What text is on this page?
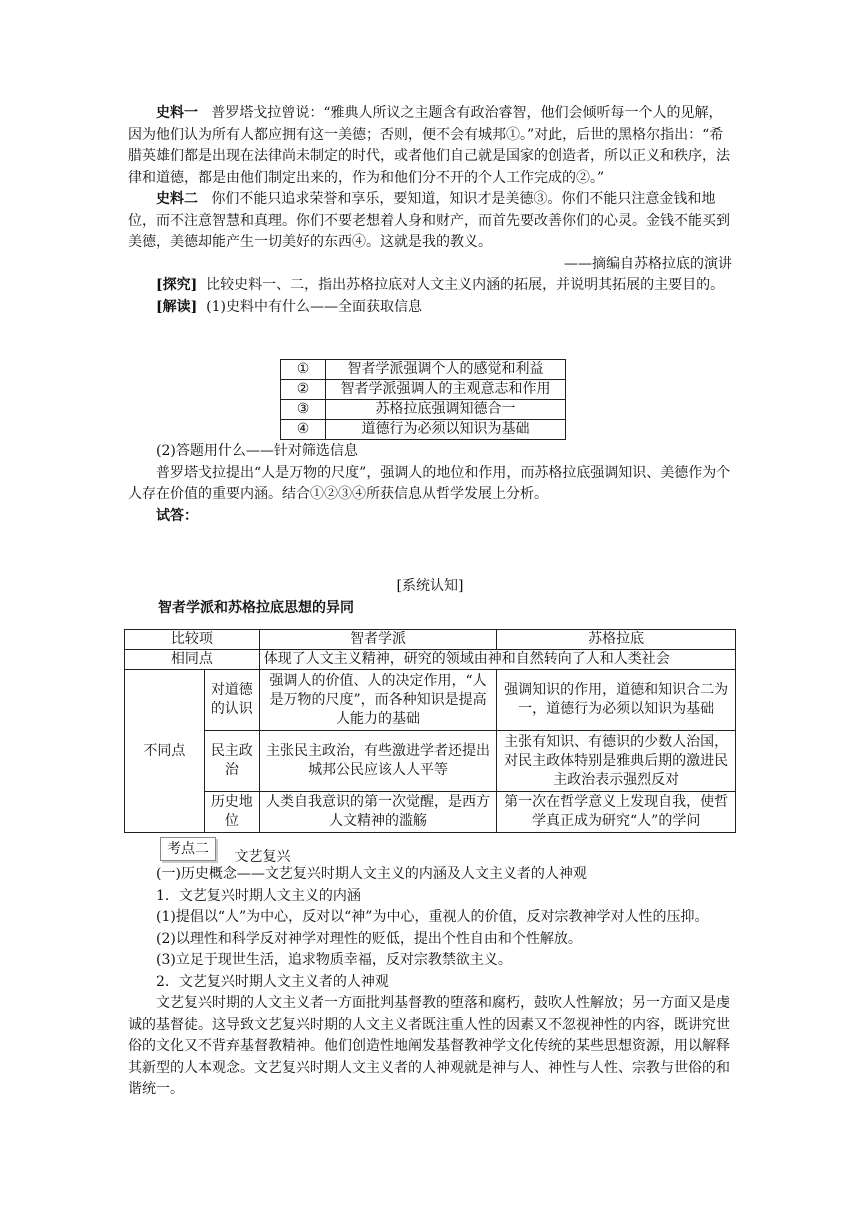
史料一 普罗塔戈拉曾说：“雅典人所议之主题含有政治睿智，他们会倾听每一个人的见解，因为他们认为所有人都应拥有这一美德；否则，便不会有城邦①。”对此，后世的黑格尔指出：“希腊英雄们都是出现在法律尚未制定的时代，或者他们自己就是国家的创造者，所以正义和秩序，法律和道德，都是由他们制定出来的，作为和他们分不开的个人工作完成的②。”

史料二 你们不能只追求荣誉和享乐，要知道，知识才是美德③。你们不能只注意金钱和地位，而不注意智慧和真理。你们不要老想着人身和财产，而首先要改善你们的心灵。金钱不能买到美德，美德却能产生一切美好的东西④。这就是我的教义。

——摘编自苏格拉底的演讲

[探究] 比较史料一、二，指出苏格拉底对人文主义内涵的拓展，并说明其拓展的主要目的。

[解读] (1)史料中有什么——全面获取信息

①	智者学派强调个人的感觉和利益
②	智者学派强调人的主观意志和作用
③	苏格拉底强调知德合一
④	道德行为必须以知识为基础

(2)答题用什么——针对筛选信息

普罗塔戈拉提出“人是万物的尺度”，强调人的地位和作用，而苏格拉底强调知识、美德作为个人存在价值的重要内涵。结合①②③④所获信息从哲学发展上分析。

试答：

[系统认知]
智者学派和苏格拉底思想的异同
比较项		智者学派	苏格拉底
相同点		体现了人文主义精神，研究的领域由神和自然转向了人和人类社会	
不同点	对道德的认识	强调人的价值、人的决定作用，“人是万物的尺度”，而各种知识是提高人能力的基础	强调知识的作用，道德和知识合二为一，道德行为必须以知识为基础
	民主政治	主张民主政治，有些激进学者还提出城邦公民应该人人平等	主张有知识、有德识的少数人治国，对民主政体特别是雅典后期的激进民主政治表示强烈反对
	历史地位	人类自我意识的第一次觉醒，是西方人文精神的滥觞	第一次在哲学意义上发现自我，使哲学真正成为研究“人”的学问
考点二 文艺复兴

(一)历史概念——文艺复兴时期人文主义的内涵及人文主义者的人神观

1．文艺复兴时期人文主义的内涵

(1)提倡以“人”为中心，反对以“神”为中心，重视人的价值，反对宗教神学对人性的压抑。

(2)以理性和科学反对神学对理性的贬低，提出个性自由和个性解放。

(3)立足于现世生活，追求物质幸福，反对宗教禁欲主义。

2．文艺复兴时期人文主义者的人神观

文艺复兴时期的人文主义者一方面批判基督教的堕落和腐朽，鼓吹人性解放；另一方面又是虔诚的基督徒。这导致文艺复兴时期的人文主义者既注重人性的因素又不忽视神性的内容，既讲究世俗的文化又不背弃基督教精神。他们创造性地阐发基督教神学文化传统的某些思想资源，用以解释其新型的人本观念。文艺复兴时期人文主义者的人神观就是神与人、神性与人性、宗教与世俗的和谐统一。
